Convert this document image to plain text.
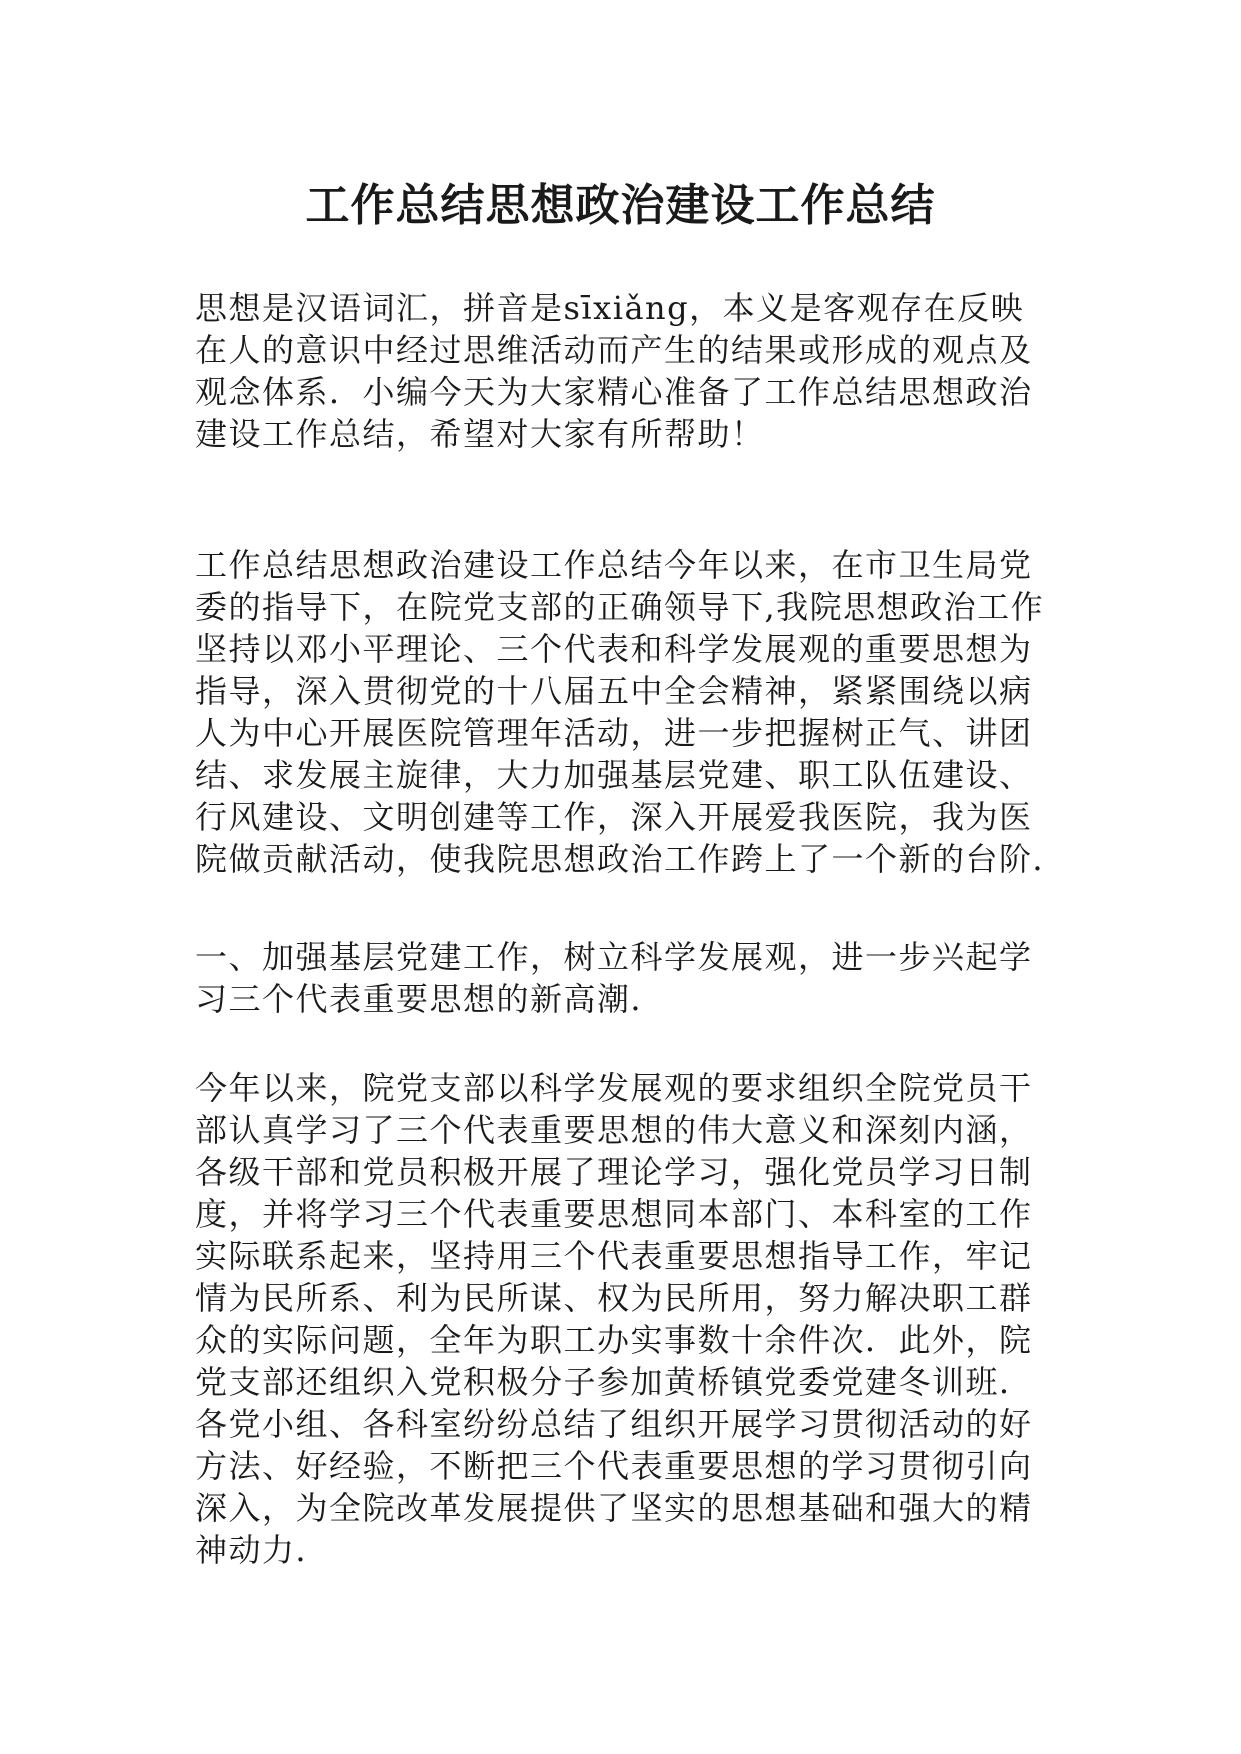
工作总结思想政治建设工作总结

思想是汉语词汇，拼音是sīxiǎng，本义是客观存在反映
在人的意识中经过思维活动而产生的结果或形成的观点及
观念体系．小编今天为大家精心准备了工作总结思想政治
建设工作总结，希望对大家有所帮助！

工作总结思想政治建设工作总结今年以来，在市卫生局党
委的指导下，在院党支部的正确领导下,我院思想政治工作
坚持以邓小平理论、三个代表和科学发展观的重要思想为
指导，深入贯彻党的十八届五中全会精神，紧紧围绕以病
人为中心开展医院管理年活动，进一步把握树正气、讲团
结、求发展主旋律，大力加强基层党建、职工队伍建设、
行风建设、文明创建等工作，深入开展爱我医院，我为医
院做贡献活动，使我院思想政治工作跨上了一个新的台阶．

一、加强基层党建工作，树立科学发展观，进一步兴起学
习三个代表重要思想的新高潮．

今年以来，院党支部以科学发展观的要求组织全院党员干
部认真学习了三个代表重要思想的伟大意义和深刻内涵，
各级干部和党员积极开展了理论学习，强化党员学习日制
度，并将学习三个代表重要思想同本部门、本科室的工作
实际联系起来，坚持用三个代表重要思想指导工作，牢记
情为民所系、利为民所谋、权为民所用，努力解决职工群
众的实际问题，全年为职工办实事数十余件次．此外，院
党支部还组织入党积极分子参加黄桥镇党委党建冬训班．
各党小组、各科室纷纷总结了组织开展学习贯彻活动的好
方法、好经验，不断把三个代表重要思想的学习贯彻引向
深入，为全院改革发展提供了坚实的思想基础和强大的精
神动力．
